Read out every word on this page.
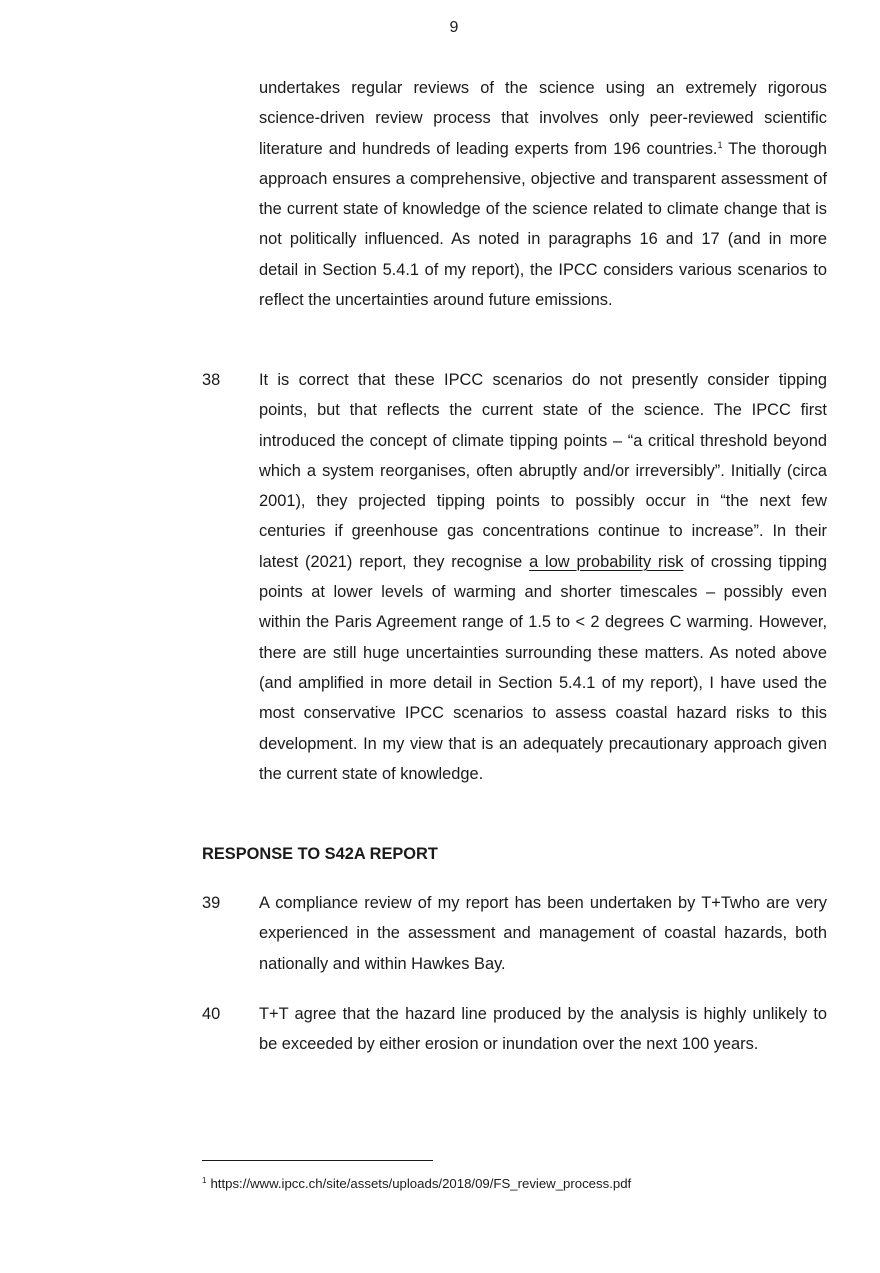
9

undertakes regular reviews of the science using an extremely rigorous science-driven review process that involves only peer-reviewed scientific literature and hundreds of leading experts from 196 countries.$^1$ The thorough approach ensures a comprehensive, objective and transparent assessment of the current state of knowledge of the science related to climate change that is not politically influenced. As noted in paragraphs 16 and 17 (and in more detail in Section 5.4.1 of my report), the IPCC considers various scenarios to reflect the uncertainties around future emissions.

38 It is correct that these IPCC scenarios do not presently consider tipping points, but that reflects the current state of the science. The IPCC first introduced the concept of climate tipping points – “a critical threshold beyond which a system reorganises, often abruptly and/or irreversibly”. Initially (circa 2001), they projected tipping points to possibly occur in “the next few centuries if greenhouse gas concentrations continue to increase”. In their latest (2021) report, they recognise a low probability risk of crossing tipping points at lower levels of warming and shorter timescales – possibly even within the Paris Agreement range of 1.5 to < 2 degrees C warming. However, there are still huge uncertainties surrounding these matters. As noted above (and amplified in more detail in Section 5.4.1 of my report), I have used the most conservative IPCC scenarios to assess coastal hazard risks to this development. In my view that is an adequately precautionary approach given the current state of knowledge.
RESPONSE TO S42A REPORT
39 A compliance review of my report has been undertaken by T+Twho are very experienced in the assessment and management of coastal hazards, both nationally and within Hawkes Bay.
40 T+T agree that the hazard line produced by the analysis is highly unlikely to be exceeded by either erosion or inundation over the next 100 years.

$^1$ https://www.ipcc.ch/site/assets/uploads/2018/09/FS_review_process.pdf
